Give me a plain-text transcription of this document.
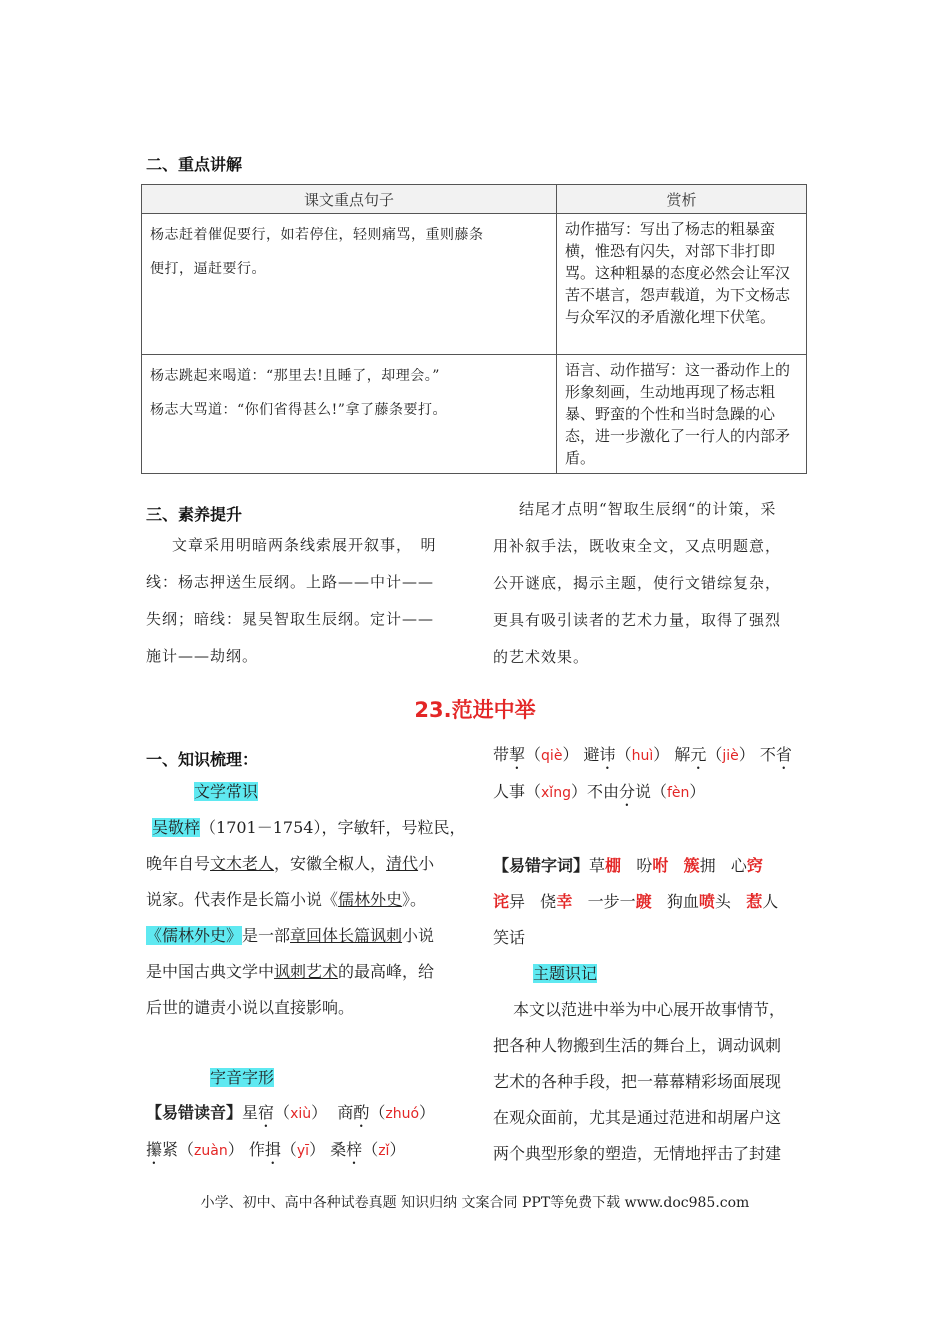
二、重点讲解
课文重点句子	赏析

杨志赶着催促要行，如若停住，轻则痛骂，重则藤条
便打，逼赶要行。	动作描写：写出了杨志的粗暴蛮横，惟恐有闪失，对部下非打即骂。这种粗暴的态度必然会让军汉苦不堪言，怨声载道，为下文杨志与众军汉的矛盾激化埋下伏笔。

杨志跳起来喝道：“那里去!且睡了，却理会。”
杨志大骂道：“你们省得甚么!”拿了藤条要打。	语言、动作描写：这一番动作上的形象刻画，生动地再现了杨志粗暴、野蛮的个性和当时急躁的心态，进一步激化了一行人的内部矛盾。
三、素养提升
文章采用明暗两条线索展开叙事，　明
线：杨志押送生辰纲。上路——中计——
失纲；暗线：晁吴智取生辰纲。定计——
施计——劫纲。
结尾才点明“智取生辰纲“的计策，采
用补叙手法，既收束全文，又点明题意，
公开谜底，揭示主题，使行文错综复杂，
更具有吸引读者的艺术力量，取得了强烈
的艺术效果。
23.范进中举
一、知识梳理：
文学常识
吴敬梓（1701－1754），字敏轩，号粒民，
晚年自号文木老人，安徽全椒人，清代小
说家。代表作是长篇小说《儒林外史》。
《儒林外史》是一部章回体长篇讽刺小说
是中国古典文学中讽刺艺术的最高峰，给
后世的谴责小说以直接影响。
字音字形
【易错读音】星宿（xiù）  商酌（zhuó）
攥紧（zuàn） 作揖（yī） 桑梓（zǐ）
带挈（qiè） 避讳（huì） 解元（jiè） 不省
人事（xǐng）不由分说（fèn）
【易错字词】草棚 吩咐 簇拥 心窍
诧异 侥幸 一步一踱 狗血喷头 惹人
笑话
主题识记
本文以范进中举为中心展开故事情节，
把各种人物搬到生活的舞台上，调动讽刺
艺术的各种手段，把一幕幕精彩场面展现
在观众面前，尤其是通过范进和胡屠户这
两个典型形象的塑造，无情地抨击了封建
小学、初中、高中各种试卷真题 知识归纳 文案合同 PPT等免费下载 www.doc985.com
